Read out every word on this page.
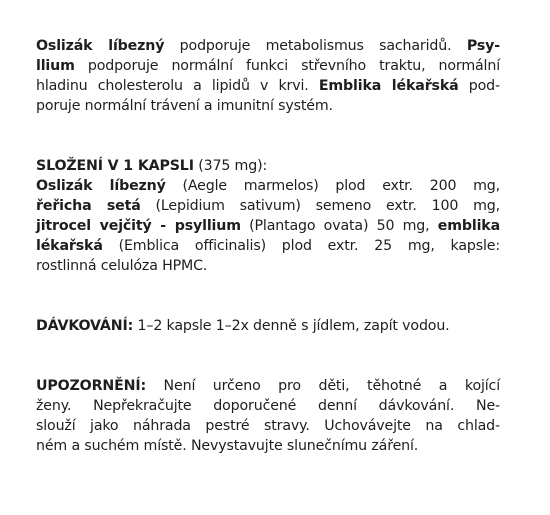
Oslizák líbezný podporuje metabolismus sacharidů. Psy-
llium podporuje normální funkci střevního traktu, normální
hladinu cholesterolu a lipidů v krvi. Emblika lékařská pod-
poruje normální trávení a imunitní systém.

SLOŽENÍ V 1 KAPSLI (375 mg):
Oslizák líbezný (Aegle marmelos) plod extr. 200 mg,
řeřicha setá (Lepidium sativum) semeno extr. 100 mg,
jitrocel vejčitý - psyllium (Plantago ovata) 50 mg, emblika
lékařská (Emblica officinalis) plod extr. 25 mg, kapsle:
rostlinná celulóza HPMC.

DÁVKOVÁNÍ: 1–2 kapsle 1–2x denně s jídlem, zapít vodou.

UPOZORNĚNÍ: Není určeno pro děti, těhotné a kojící
ženy. Nepřekračujte doporučené denní dávkování. Ne-
slouží jako náhrada pestré stravy. Uchovávejte na chlad-
ném a suchém místě. Nevystavujte slunečnímu záření.
